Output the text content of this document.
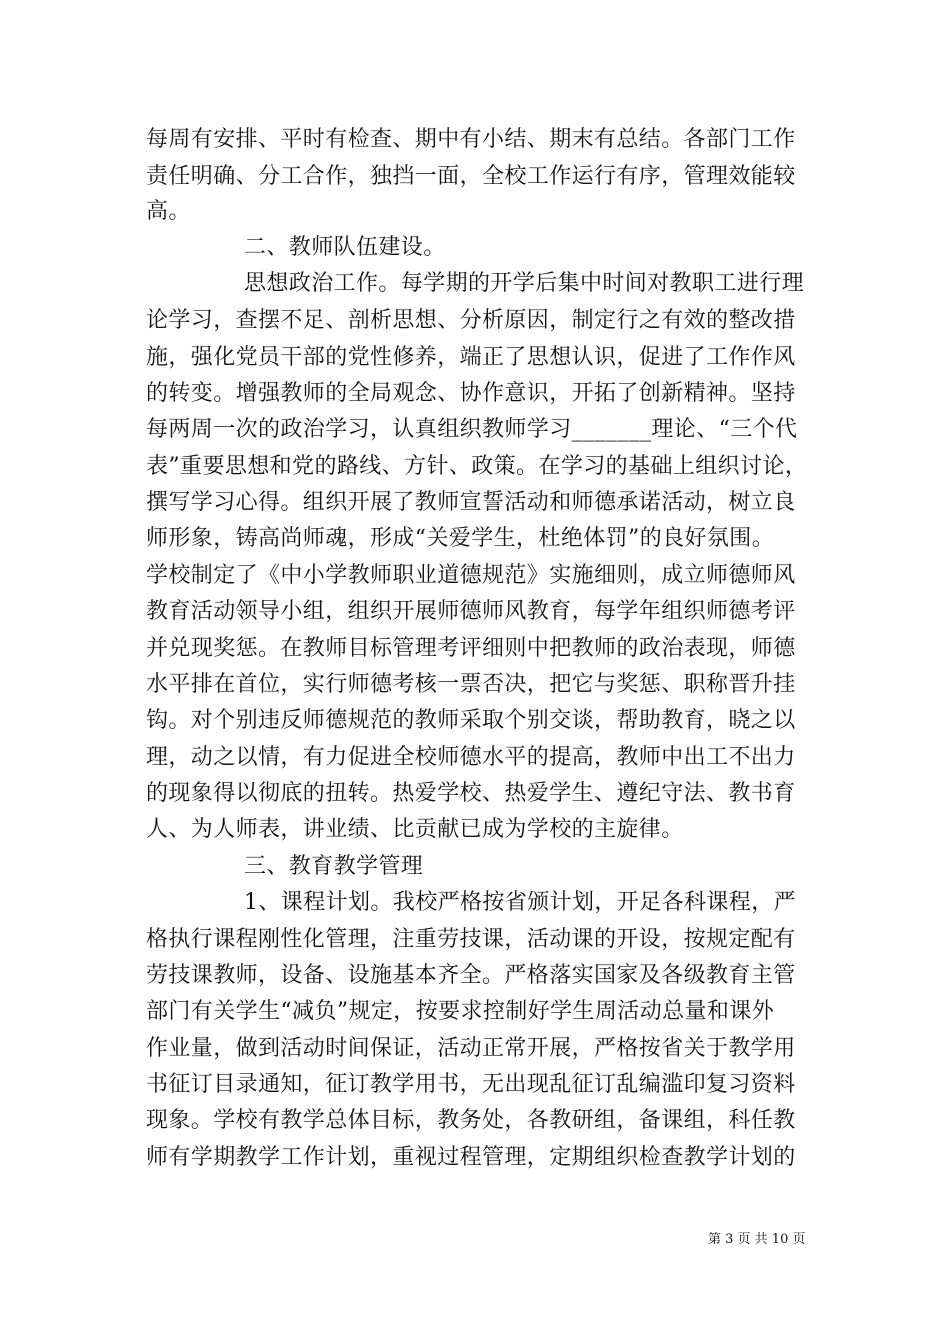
每周有安排、平时有检查、期中有小结、期末有总结。各部门工作
责任明确、分工合作，独挡一面，全校工作运行有序，管理效能较
高。
二、教师队伍建设。
思想政治工作。每学期的开学后集中时间对教职工进行理
论学习，查摆不足、剖析思想、分析原因，制定行之有效的整改措
施，强化党员干部的党性修养，端正了思想认识，促进了工作作风
的转变。增强教师的全局观念、协作意识，开拓了创新精神。坚持
每两周一次的政治学习，认真组织教师学习_______理论、“三个代
表”重要思想和党的路线、方针、政策。在学习的基础上组织讨论，
撰写学习心得。组织开展了教师宣誓活动和师德承诺活动，树立良
师形象，铸高尚师魂，形成“关爱学生，杜绝体罚”的良好氛围。
学校制定了《中小学教师职业道德规范》实施细则，成立师德师风
教育活动领导小组，组织开展师德师风教育，每学年组织师德考评
并兑现奖惩。在教师目标管理考评细则中把教师的政治表现，师德
水平排在首位，实行师德考核一票否决，把它与奖惩、职称晋升挂
钩。对个别违反师德规范的教师采取个别交谈，帮助教育，晓之以
理，动之以情，有力促进全校师德水平的提高，教师中出工不出力
的现象得以彻底的扭转。热爱学校、热爱学生、遵纪守法、教书育
人、为人师表，讲业绩、比贡献已成为学校的主旋律。
三、教育教学管理
1、课程计划。我校严格按省颁计划，开足各科课程，严
格执行课程刚性化管理，注重劳技课，活动课的开设，按规定配有
劳技课教师，设备、设施基本齐全。严格落实国家及各级教育主管
部门有关学生“减负”规定，按要求控制好学生周活动总量和课外
作业量，做到活动时间保证，活动正常开展，严格按省关于教学用
书征订目录通知，征订教学用书，无出现乱征订乱编滥印复习资料
现象。学校有教学总体目标，教务处，各教研组，备课组，科任教
师有学期教学工作计划，重视过程管理，定期组织检查教学计划的
第 3 页 共 10 页
